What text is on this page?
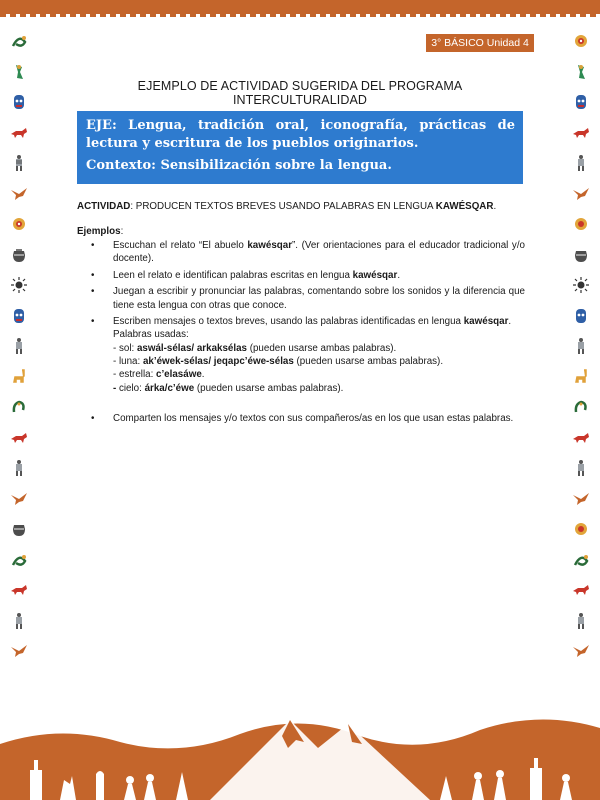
3° BÁSICO Unidad 4
EJEMPLO DE ACTIVIDAD SUGERIDA DEL PROGRAMA INTERCULTURALIDAD
EJE: Lengua, tradición oral, iconografía, prácticas de lectura y escritura de los pueblos originarios.
Contexto: Sensibilización sobre la lengua.
ACTIVIDAD: PRODUCEN TEXTOS BREVES USANDO PALABRAS EN LENGUA KAWÉSQAR.
Ejemplos:
• Escuchan el relato “El abuelo kawésqar”. (Ver orientaciones para el educador tradicional y/o docente).
• Leen el relato e identifican palabras escritas en lengua kawésqar.
• Juegan a escribir y pronunciar las palabras, comentando sobre los sonidos y la diferencia que tiene esta lengua con otras que conoce.
• Escriben mensajes o textos breves, usando las palabras identificadas en lengua kawésqar.
Palabras usadas:
- sol: aswál-sélas/ arkaksélas (pueden usarse ambas palabras).
- luna: ak’éwek-sélas/ jeqapc’éwe-sélas (pueden usarse ambas palabras).
- estrella: c’elasáwe.
- cielo: árka/c’éwe (pueden usarse ambas palabras).
• Comparten los mensajes y/o textos con sus compañeros/as en los que usan estas palabras.
